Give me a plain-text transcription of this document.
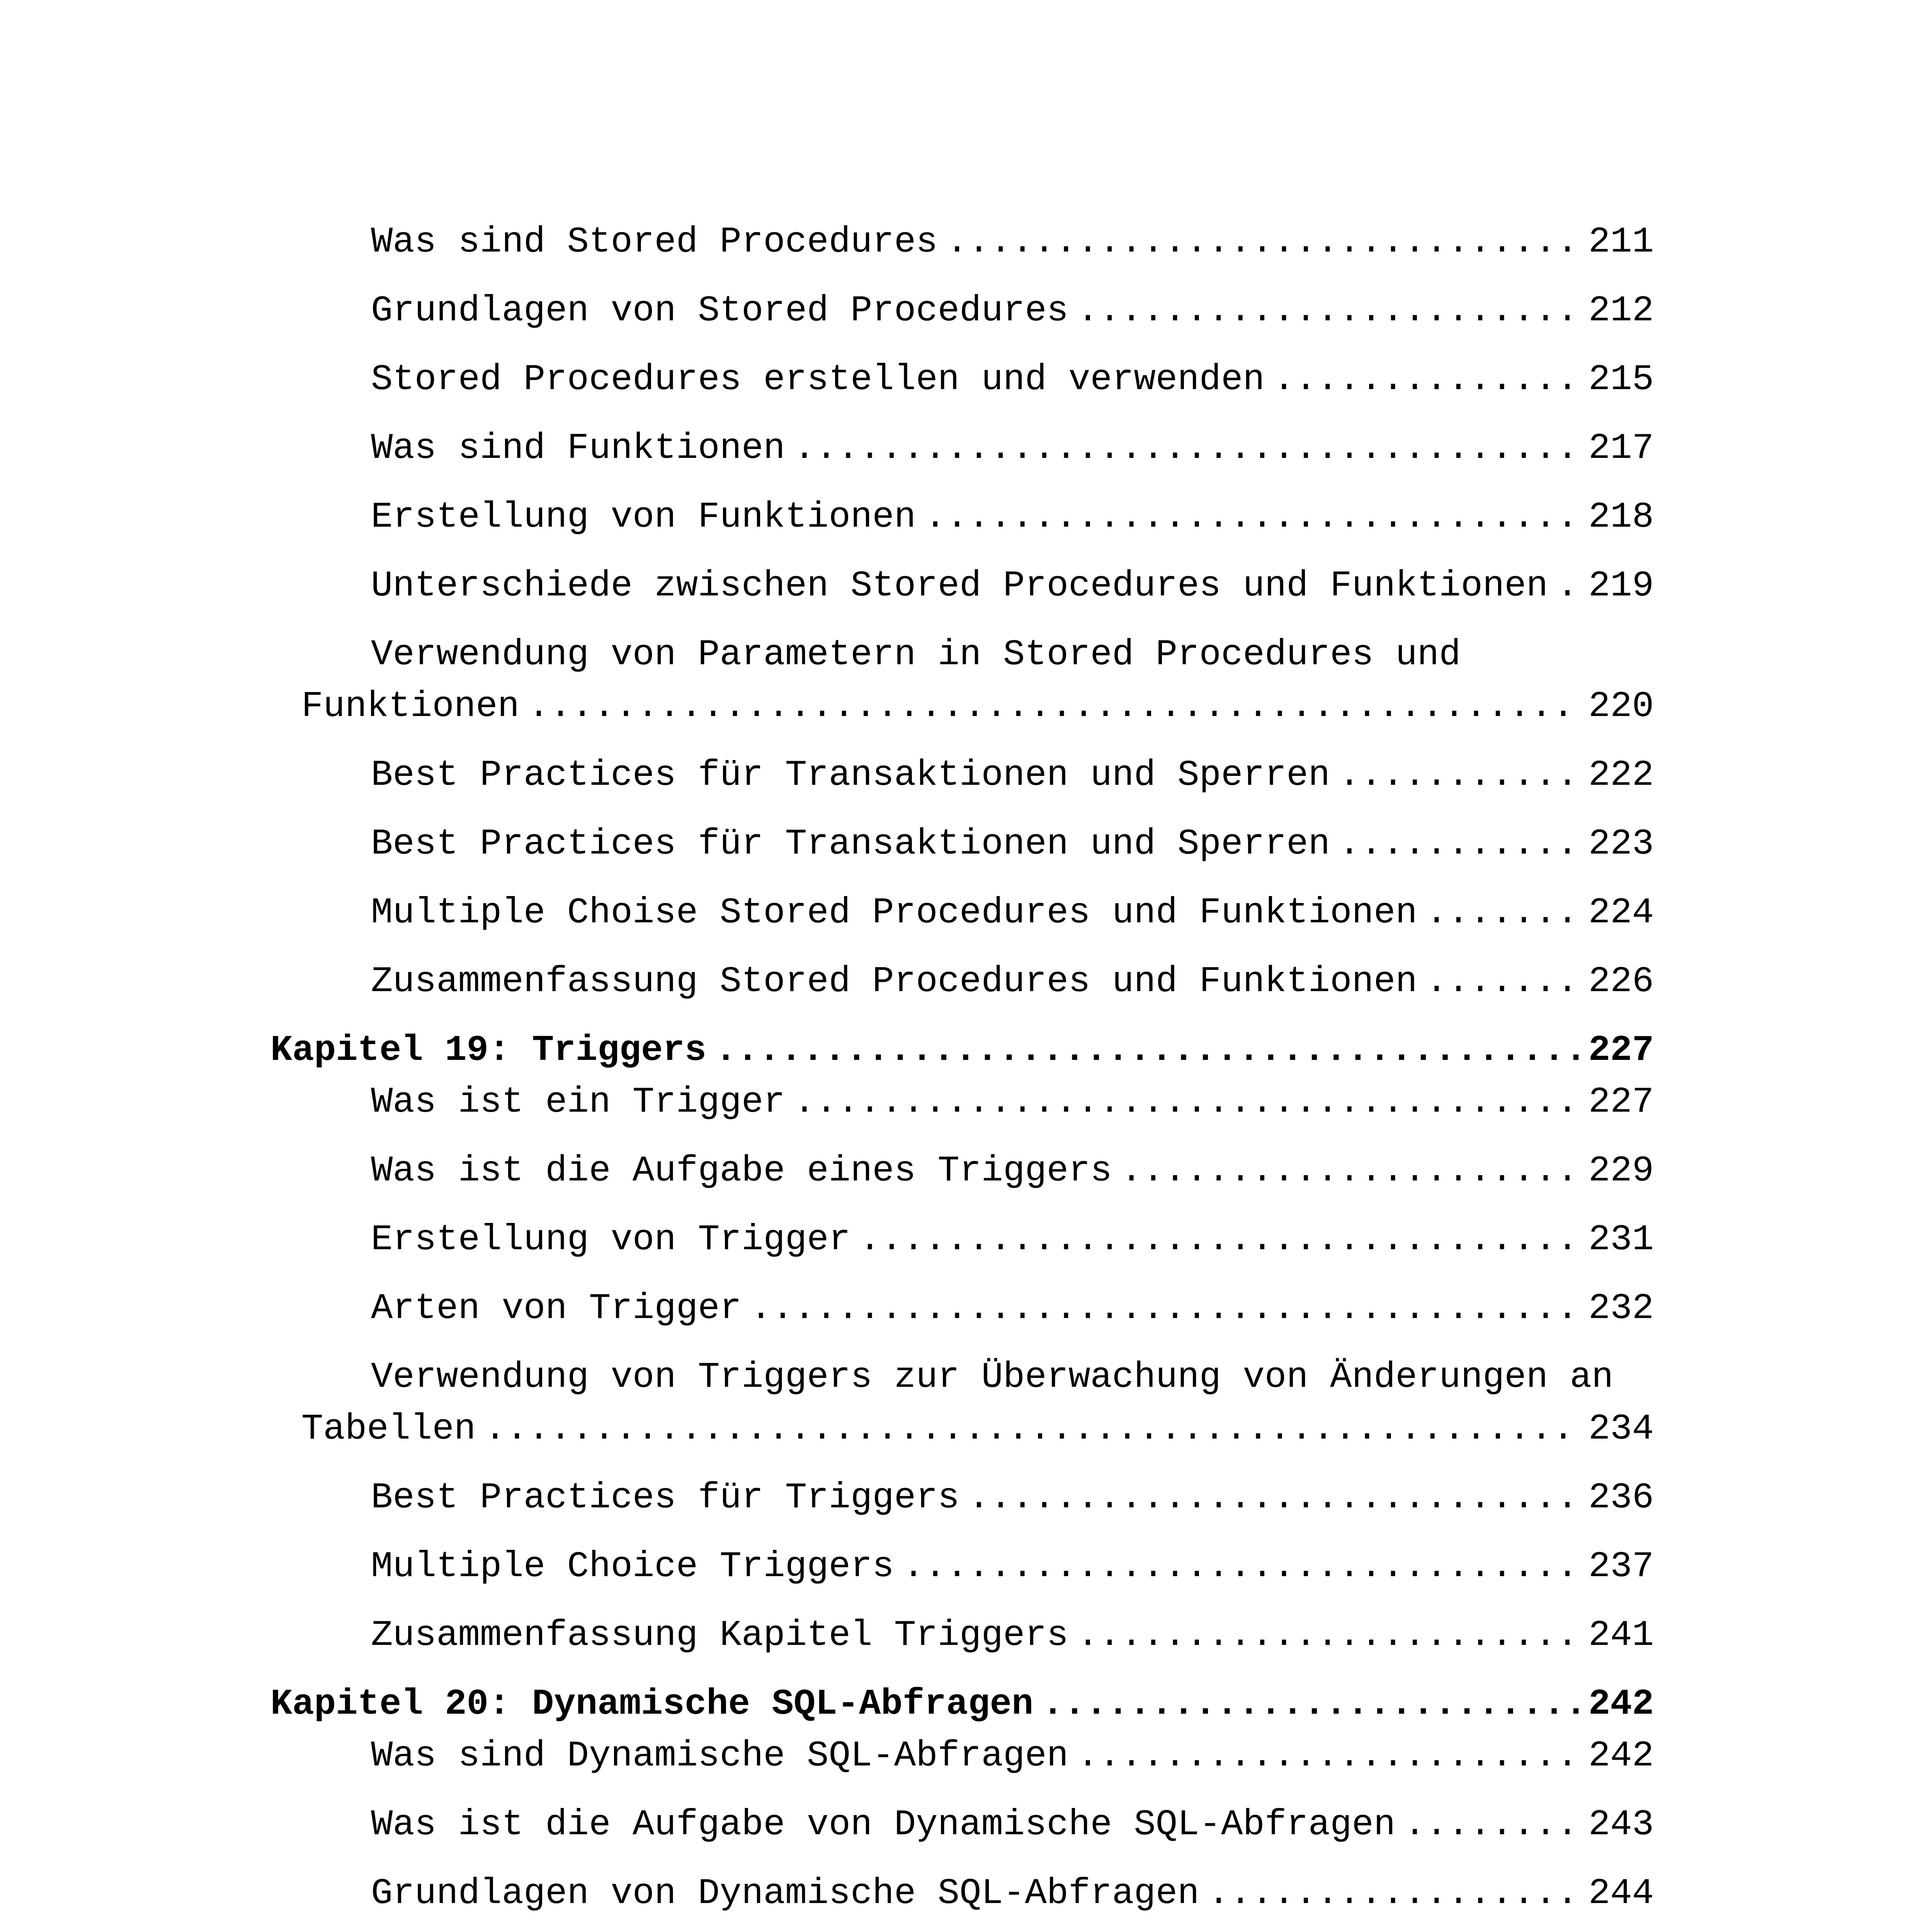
Was sind Stored Procedures .....	211
Grundlagen von Stored Procedures .....	212
Stored Procedures erstellen und verwenden .....	215
Was sind Funktionen .....	217
Erstellung von Funktionen .....	218
Unterschiede zwischen Stored Procedures und Funktionen ..... 219
Verwendung von Parametern in Stored Procedures und
Funktionen .....	220
Best Practices für Transaktionen und Sperren .....	222
Best Practices für Transaktionen und Sperren .....	223
Multiple Choise Stored Procedures und Funktionen .....	224
Zusammenfassung Stored Procedures und Funktionen .....	226
Kapitel 19: Triggers .....	227
Was ist ein Trigger .....	227
Was ist die Aufgabe eines Triggers .....	229
Erstellung von Trigger .....	231
Arten von Trigger .....	232
Verwendung von Triggers zur Überwachung von Änderungen an
Tabellen .....	234
Best Practices für Triggers .....	236
Multiple Choice Triggers .....	237
Zusammenfassung Kapitel Triggers .....	241
Kapitel 20: Dynamische SQL-Abfragen .....	242
Was sind Dynamische SQL-Abfragen .....	242
Was ist die Aufgabe von Dynamische SQL-Abfragen .....	243
Grundlagen von Dynamische SQL-Abfragen .....	244
